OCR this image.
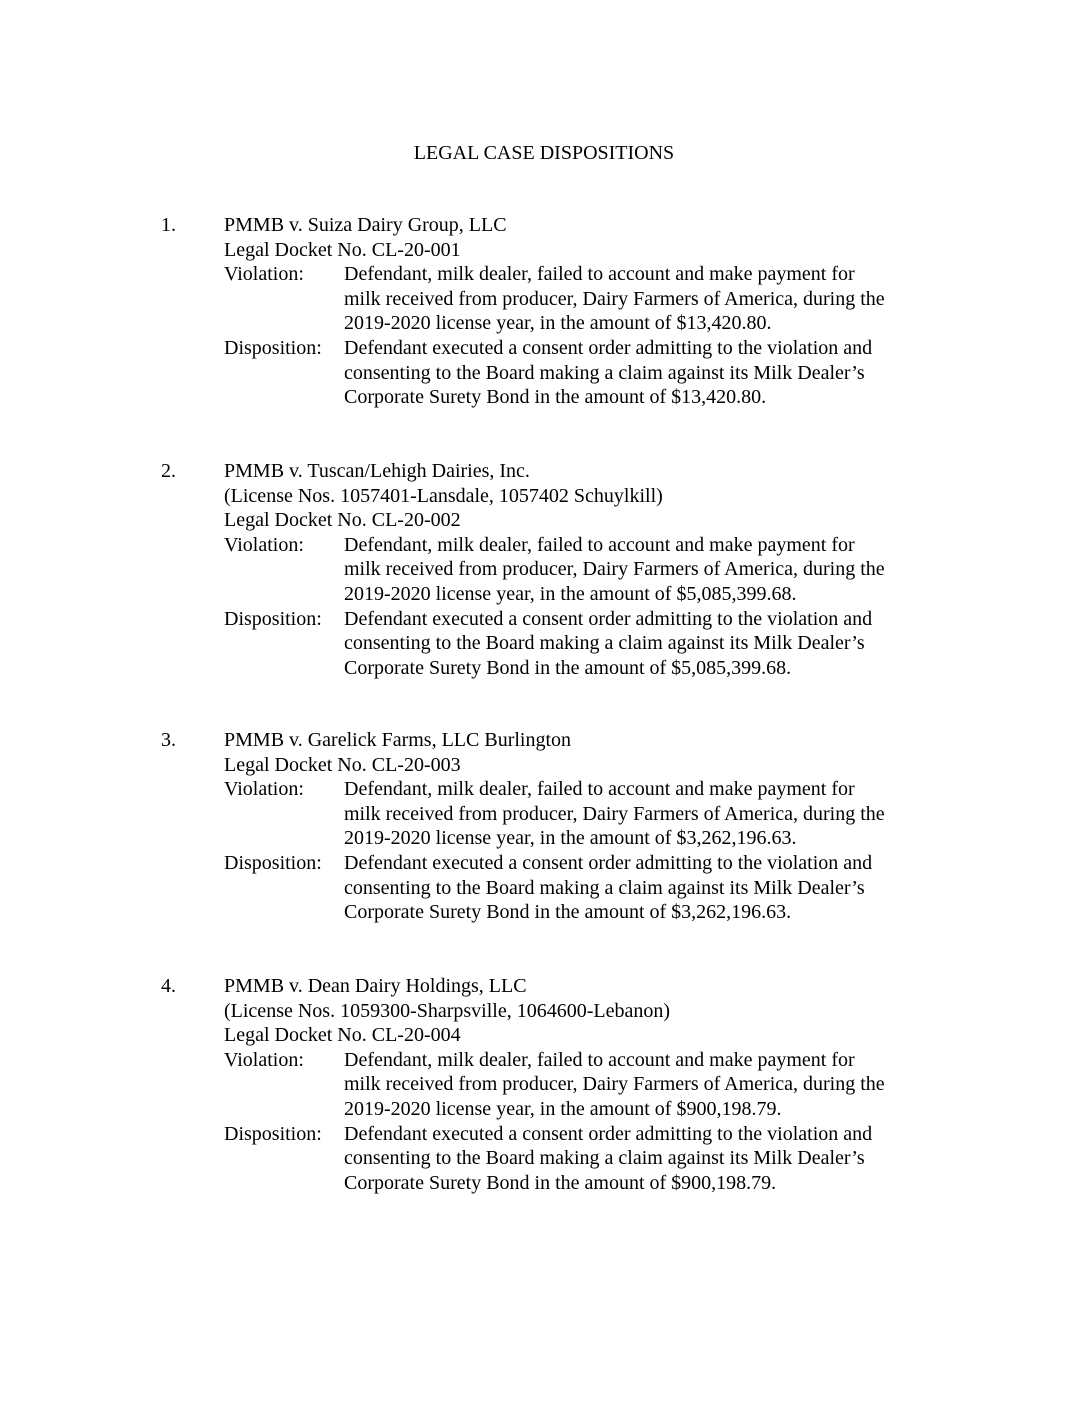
LEGAL CASE DISPOSITIONS
1. PMMB v. Suiza Dairy Group, LLC
Legal Docket No. CL-20-001
Violation:	Defendant, milk dealer, failed to account and make payment for
milk received from producer, Dairy Farmers of America, during the
2019-2020 license year, in the amount of $13,420.80.
Disposition:	Defendant executed a consent order admitting to the violation and
consenting to the Board making a claim against its Milk Dealer’s
Corporate Surety Bond in the amount of $13,420.80.
2. PMMB v. Tuscan/Lehigh Dairies, Inc.
(License Nos. 1057401-Lansdale, 1057402 Schuylkill)
Legal Docket No. CL-20-002
Violation:	Defendant, milk dealer, failed to account and make payment for
milk received from producer, Dairy Farmers of America, during the
2019-2020 license year, in the amount of $5,085,399.68.
Disposition:	Defendant executed a consent order admitting to the violation and
consenting to the Board making a claim against its Milk Dealer’s
Corporate Surety Bond in the amount of $5,085,399.68.
3. PMMB v. Garelick Farms, LLC Burlington
Legal Docket No. CL-20-003
Violation:	Defendant, milk dealer, failed to account and make payment for
milk received from producer, Dairy Farmers of America, during the
2019-2020 license year, in the amount of $3,262,196.63.
Disposition:	Defendant executed a consent order admitting to the violation and
consenting to the Board making a claim against its Milk Dealer’s
Corporate Surety Bond in the amount of $3,262,196.63.
4. PMMB v. Dean Dairy Holdings, LLC
(License Nos. 1059300-Sharpsville, 1064600-Lebanon)
Legal Docket No. CL-20-004
Violation:	Defendant, milk dealer, failed to account and make payment for
milk received from producer, Dairy Farmers of America, during the
2019-2020 license year, in the amount of $900,198.79.
Disposition:	Defendant executed a consent order admitting to the violation and
consenting to the Board making a claim against its Milk Dealer’s
Corporate Surety Bond in the amount of $900,198.79.
